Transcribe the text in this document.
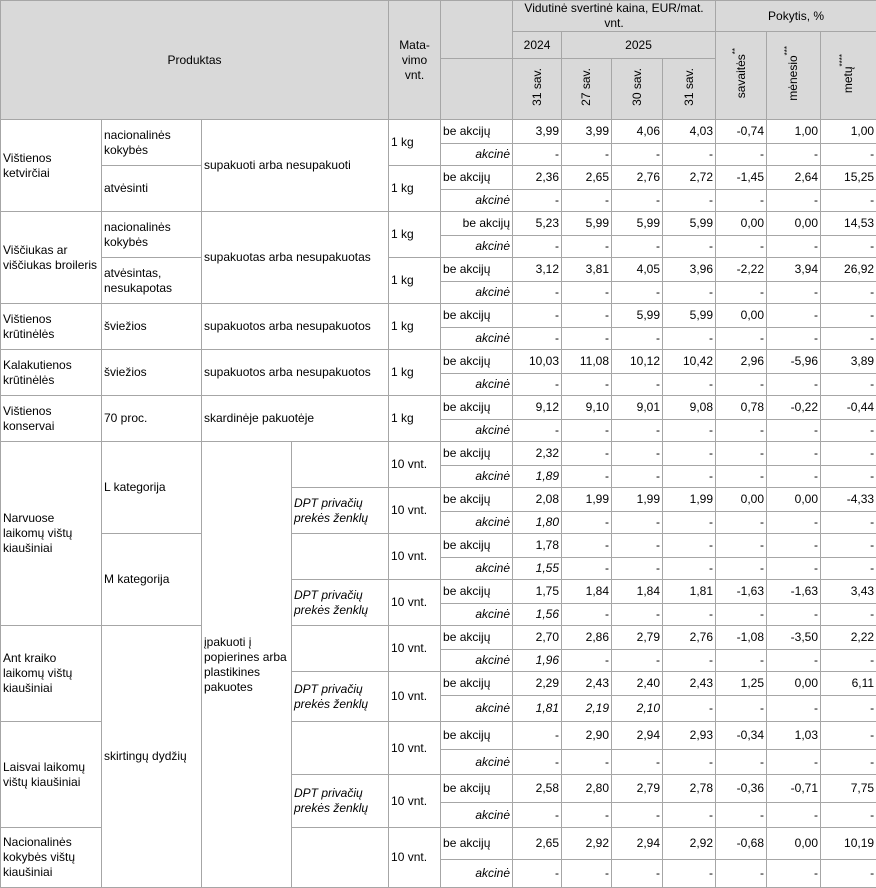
Produktas				Mata-vimo vnt.		Vidutinė svertinė kaina, EUR/mat. vnt.				Pokytis, %		
						2024	2025			savaitės**	mėnesio***	metų****
						31 sav.	27 sav.	30 sav.	31 sav.			
Vištienos ketvirčiai	nacionalinės kokybės	supakuoti arba nesupakuoti		1 kg	be akcijų	3,99	3,99	4,06	4,03	-0,74	1,00	1,00
					akcinė	-	-	-	-	-	-	-
	atvėsinti			1 kg	be akcijų	2,36	2,65	2,76	2,72	-1,45	2,64	15,25
					akcinė	-	-	-	-	-	-	-
Viščiukas ar viščiukas broileris	nacionalinės kokybės	supakuotas arba nesupakuotas		1 kg	be akcijų	5,23	5,99	5,99	5,99	0,00	0,00	14,53
					akcinė	-	-	-	-	-	-	-
	atvėsintas, nesukapotas			1 kg	be akcijų	3,12	3,81	4,05	3,96	-2,22	3,94	26,92
					akcinė	-	-	-	-	-	-	-
Vištienos krūtinėlės	šviežios	supakuotos arba nesupakuotos		1 kg	be akcijų	-	-	5,99	5,99	0,00	-	-
					akcinė	-	-	-	-	-	-	-
Kalakutienos krūtinėlės	šviežios	supakuotos arba nesupakuotos		1 kg	be akcijų	10,03	11,08	10,12	10,42	2,96	-5,96	3,89
					akcinė	-	-	-	-	-	-	-
Vištienos konservai	70 proc.	skardinėje pakuotėje		1 kg	be akcijų	9,12	9,10	9,01	9,08	0,78	-0,22	-0,44
					akcinė	-	-	-	-	-	-	-
Narvuose laikomų vištų kiaušiniai	L kategorija	įpakuoti į popierines arba plastikines pakuotes		10 vnt.	be akcijų	2,32	-	-	-	-	-	-
					akcinė	1,89	-	-	-	-	-	-
			DPT privačių prekės ženklų	10 vnt.	be akcijų	2,08	1,99	1,99	1,99	0,00	0,00	-4,33
					akcinė	1,80	-	-	-	-	-	-
	M kategorija			10 vnt.	be akcijų	1,78	-	-	-	-	-	-
					akcinė	1,55	-	-	-	-	-	-
			DPT privačių prekės ženklų	10 vnt.	be akcijų	1,75	1,84	1,84	1,81	-1,63	-1,63	3,43
					akcinė	1,56	-	-	-	-	-	-
Ant kraiko laikomų vištų kiaušiniai	skirtingų dydžių			10 vnt.	be akcijų	2,70	2,86	2,79	2,76	-1,08	-3,50	2,22
					akcinė	1,96	-	-	-	-	-	-
			DPT privačių prekės ženklų	10 vnt.	be akcijų	2,29	2,43	2,40	2,43	1,25	0,00	6,11
					akcinė	1,81	2,19	2,10	-	-	-	-
Laisvai laikomų vištų kiaušiniai				10 vnt.	be akcijų	-	2,90	2,94	2,93	-0,34	1,03	-
					akcinė	-	-	-	-	-	-	-
			DPT privačių prekės ženklų	10 vnt.	be akcijų	2,58	2,80	2,79	2,78	-0,36	-0,71	7,75
					akcinė	-	-	-	-	-	-	-
Nacionalinės kokybės vištų kiaušiniai				10 vnt.	be akcijų	2,65	2,92	2,94	2,92	-0,68	0,00	10,19
					akcinė	-	-	-	-	-	-	-
